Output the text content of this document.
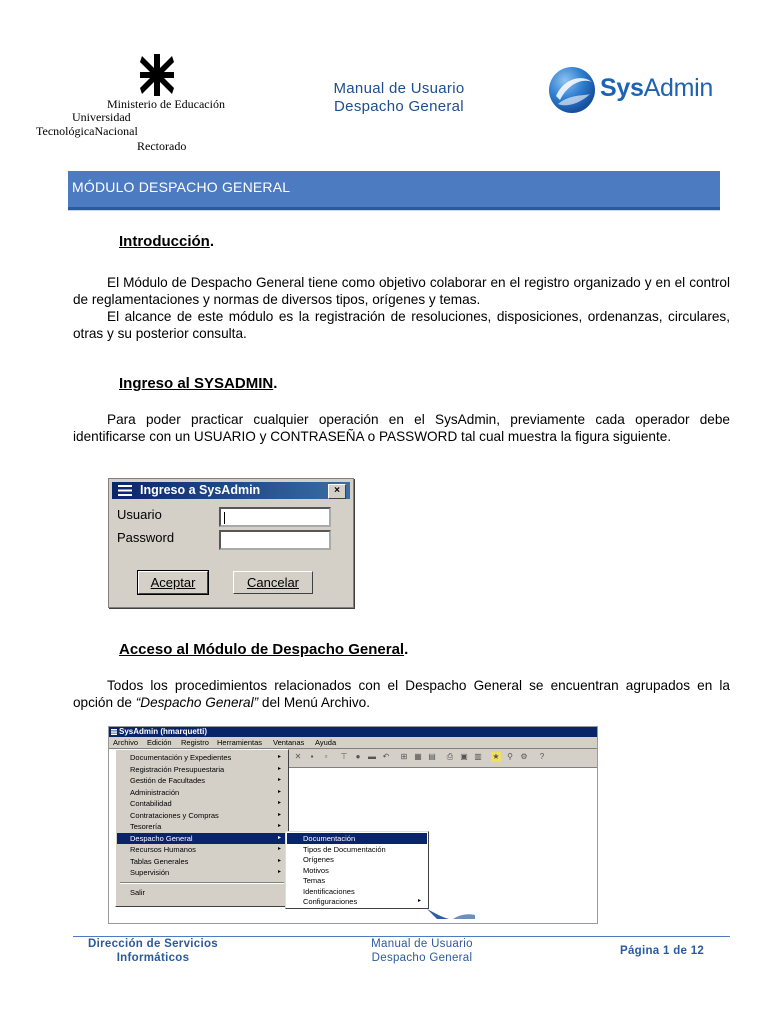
Ministerio de Educación
Universidad
TecnológicaNacional
Rectorado
Manual de Usuario
Despacho General
SysAdmin
MÓDULO DESPACHO GENERAL
Introducción.
El Módulo de Despacho General tiene como objetivo colaborar en el registro organizado y en el control de reglamentaciones y normas de diversos tipos, orígenes y temas.
El alcance de este módulo es la registración de resoluciones, disposiciones, ordenanzas, circulares, otras y su posterior consulta.
Ingreso al SYSADMIN.
Para poder practicar cualquier operación en el SysAdmin, previamente cada operador debe identificarse con un USUARIO y CONTRASEÑA o PASSWORD tal cual muestra la figura siguiente.
Ingreso a SysAdmin	×
Usuario
Password
Aceptar	Cancelar
Acceso al Módulo de Despacho General.
Todos los procedimientos relacionados con el Despacho General se encuentran agrupados en la opción de “Despacho General” del Menú Archivo.
SysAdmin (hmarquetti)
Archivo Edición Registro Herramientas Ventanas Ayuda
✕	▪	▫	⊤	● ▬ ↶ ⊞ ▦ ▤ ⎙ ▣ ▥ ★ ⚲ ⚙	?
Documentación y Expedientes	▸
Registración Presupuestaria	▸
Gestión de Facultades	▸
Administración	▸
Contabilidad	▸
Contrataciones y Compras	▸
Tesorería	▸
Despacho General	▸
Recursos Humanos	▸
Tablas Generales	▸
Supervisión	▸
Salir
Documentación
Tipos de Documentación
Orígenes
Motivos
Temas
Identificaciones
Configuraciones	▸
Dirección de Servicios
Informáticos
Manual de Usuario
Despacho General
Página 1 de 12
